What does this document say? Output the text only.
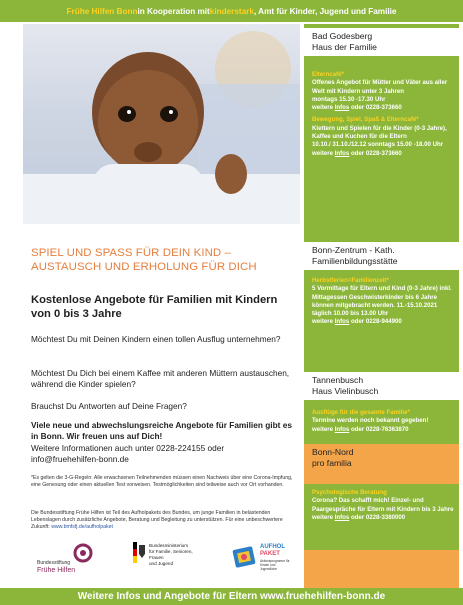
Frühe Hilfen Bonn in Kooperation mit kinderstark , Amt für Kinder, Jugend und Familie
SPIEL UND SPASS FÜR DEIN KIND – AUSTAUSCH UND ERHOLUNG FÜR DICH
Kostenlose Angebote für Familien mit Kindern von 0 bis 3 Jahre
Möchtest Du mit Deinen Kindern einen tollen Ausflug unternehmen?
Möchtest Du Dich bei einem Kaffee mit anderen Müttern austauschen, während die Kinder spielen?
Brauchst Du Antworten auf Deine Fragen?
Viele neue und abwechslungsreiche Angebote für Familien gibt es in Bonn. Wir freuen uns auf Dich!
Weitere Informationen auch unter 0228-224155 oder
info@fruehehilfen-bonn.de
*Es gelten die 3-G-Regeln: Alle erwachsenen Teilnehmenden müssen einen Nachweis über eine Corona-Impfung, eine Genesung oder einen aktuellen Test vorweisen. Testmöglichkeiten sind teilweise auch vor Ort vorhanden.
Die Bundesstiftung Frühe Hilfen ist Teil des Aufholpakets des Bundes, um junge Familien in belastenden Lebenslagen durch zusätzliche Angebote, Beratung und Begleitung zu unterstützen. Für eine unbeschwertere Zukunft: www.bmfsfj.de/aufholpaket
Bundesstiftung
Frühe Hilfen
Bundesministerium
für Familie, Senioren, Frauen
und Jugend
AUFHOL
PAKET
Aktionsprogramm für Kinder und Jugendliche
Bad Godesberg
Haus der Familie
Elterncafé*
Offenes Angebot für Mütter und Väter aus aller Welt mit Kindern unter 3 Jahren
montags 15.30 -17.30 Uhr
weitere Infos oder 0228-373660
Bewegung, Spiel, Spaß & Elterncafé*
Klettern und Spielen für die Kinder (0-3 Jahre), Kaffee und Kuchen für die Eltern
10.10./ 31.10./12.12 sonntags 15.00 -18.00 Uhr
weitere Infos oder 0228-373660
Bonn-Zentrum - Kath.
Familienbildungsstätte
Herbstferien=Familienzeit*
5 Vormittage für Eltern und Kind (0-3 Jahre) inkl. Mittagessen Geschwisterkinder bis 6 Jahre können mitgebracht werden. 11.-15.10.2021
täglich 10.00 bis 13.00 Uhr
weitere Infos oder 0228-944900
Tannenbusch
Haus Vielinbusch
Ausflüge für die gesamte Familie*
Termine werden noch bekannt gegeben!
weitere Infos oder 0228-76363870
Bonn-Nord
pro familia
Psychologische Beratung
Corona? Das schafft mich! Einzel- und Paargespräche für Eltern mit Kindern bis 3 Jahre
weitere Infos oder 0228-3380000
Weitere Infos und Angebote für Eltern www.fruehehilfen-bonn.de
